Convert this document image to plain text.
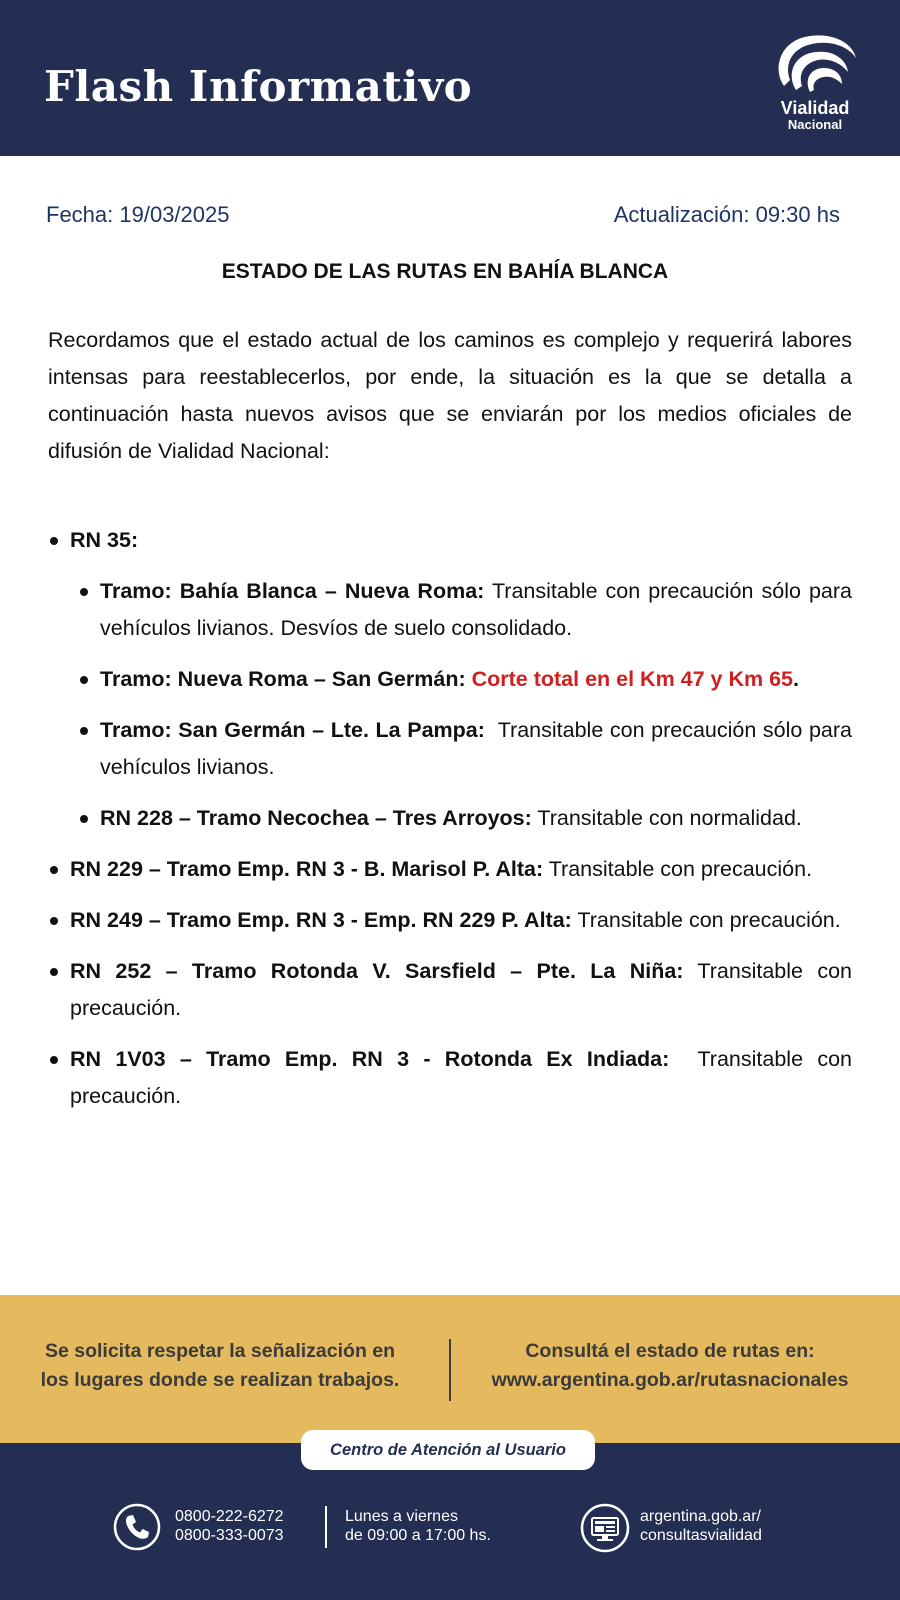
Flash Informativo	Vialidad
Nacional
Fecha: 19/03/2025	Actualización: 09:30 hs
ESTADO DE LAS RUTAS EN BAHÍA BLANCA

Recordamos que el estado actual de los caminos es complejo y requerirá labores intensas para reestablecerlos, por ende, la situación es la que se detalla a continuación hasta nuevos avisos que se enviarán por los medios oficiales de difusión de Vialidad Nacional:

RN 35:
Tramo: Bahía Blanca – Nueva Roma: Transitable con precaución sólo para vehículos livianos. Desvíos de suelo consolidado.
Tramo: Nueva Roma – San Germán: Corte total en el Km 47 y Km 65.
Tramo: San Germán – Lte. La Pampa:  Transitable con precaución sólo para vehículos livianos.
RN 228 – Tramo Necochea – Tres Arroyos: Transitable con normalidad.
RN 229 – Tramo Emp. RN 3 - B. Marisol P. Alta: Transitable con precaución.
RN 249 – Tramo Emp. RN 3 - Emp. RN 229 P. Alta: Transitable con precaución.
RN 252 – Tramo Rotonda V. Sarsfield – Pte. La Niña: Transitable con precaución.
RN 1V03 – Tramo Emp. RN 3 - Rotonda Ex Indiada:  Transitable con precaución.
Se solicita respetar la señalización en
los lugares donde se realizan trabajos.
Consultá el estado de rutas en:
www.argentina.gob.ar/rutasnacionales
Centro de Atención al Usuario
0800-222-6272
0800-333-0073
Lunes a viernes
de 09:00 a 17:00 hs.
argentina.gob.ar/
consultasvialidad
